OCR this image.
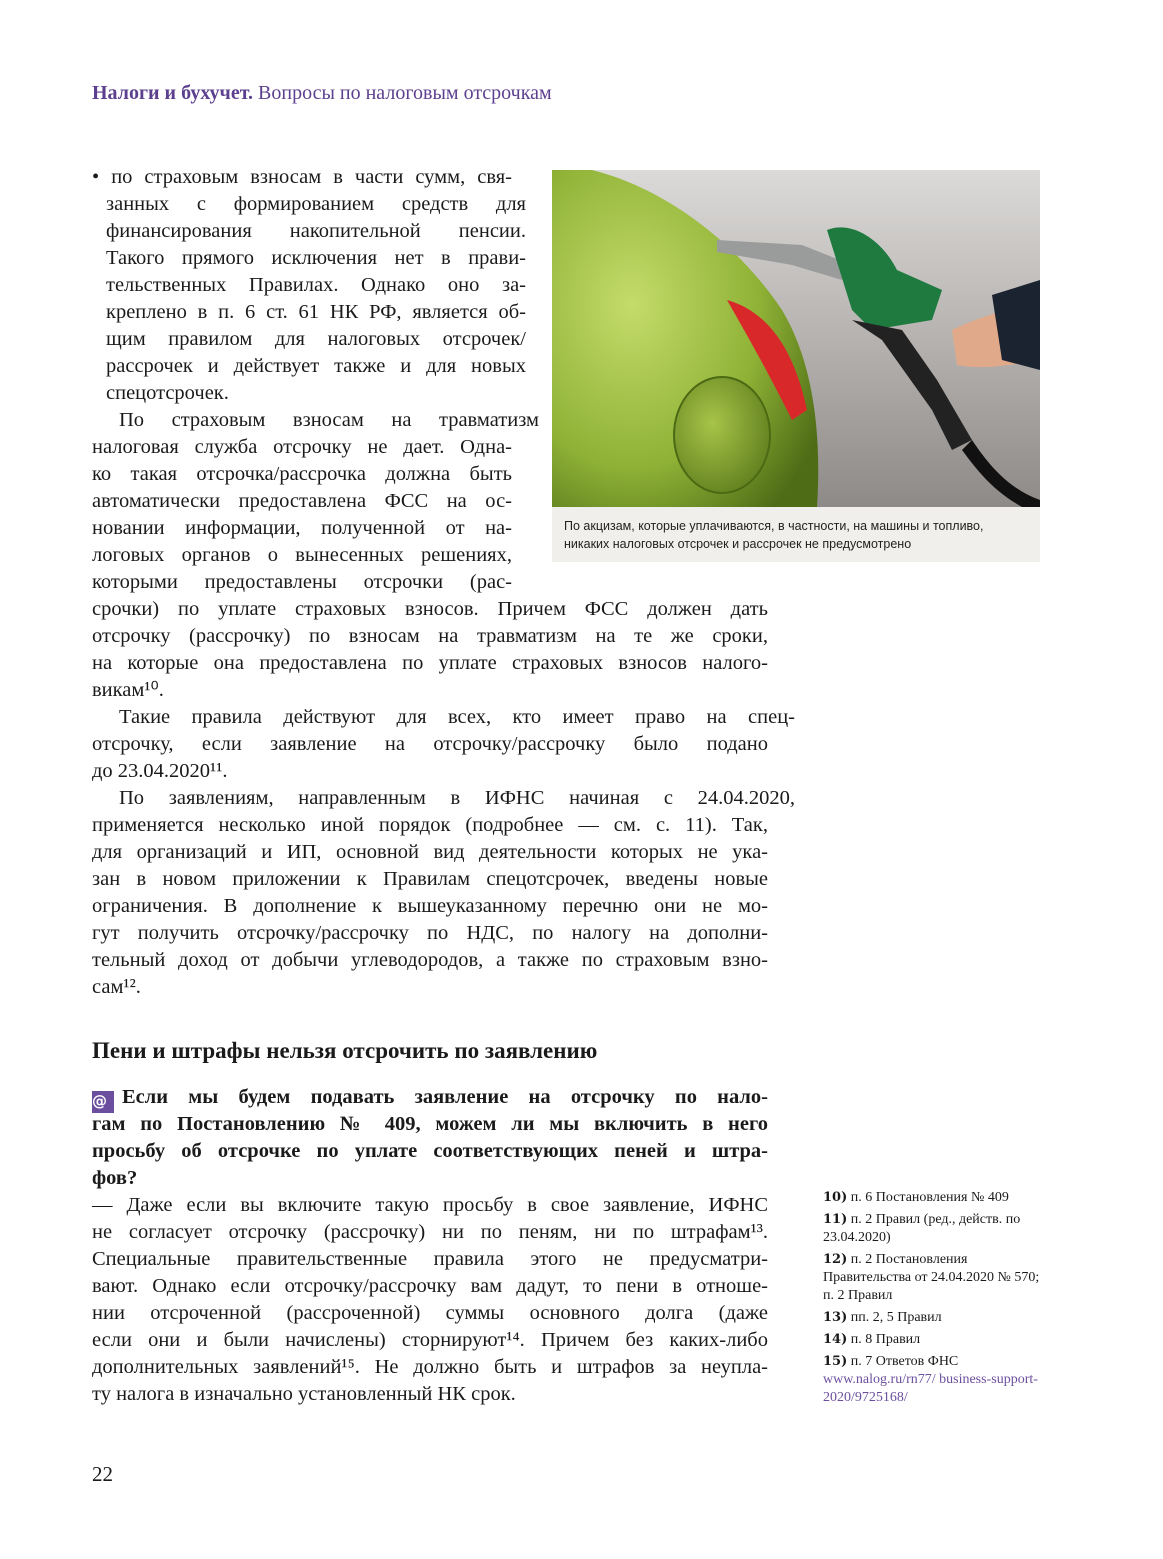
Налоги и бухучет. Вопросы по налоговым отсрочкам
• по страховым взносам в части сумм, свя-
занных с формированием средств для
финансирования накопительной пенсии.
Такого прямого исключения нет в прави-
тельственных Правилах. Однако оно за-
креплено в п. 6 ст. 61 НК РФ, является об-
щим правилом для налоговых отсрочек/
рассрочек и действует также и для новых
спецотсрочек.
По страховым взносам на травматизм
налоговая служба отсрочку не дает. Одна-
ко такая отсрочка/рассрочка должна быть
автоматически предоставлена ФСС на ос-
новании информации, полученной от на-
логовых органов о вынесенных решениях,
которыми предоставлены отсрочки (рас-
срочки) по уплате страховых взносов. Причем ФСС должен дать
отсрочку (рассрочку) по взносам на травматизм на те же сроки,
на которые она предоставлена по уплате страховых взносов налого-
викам¹⁰.
Такие правила действуют для всех, кто имеет право на спец-
отсрочку, если заявление на отсрочку/рассрочку было подано
до 23.04.2020¹¹.
По заявлениям, направленным в ИФНС начиная с 24.04.2020,
применяется несколько иной порядок (подробнее — см. с. 11). Так,
для организаций и ИП, основной вид деятельности которых не ука-
зан в новом приложении к Правилам спецотсрочек, введены новые
ограничения. В дополнение к вышеуказанному перечню они не мо-
гут получить отсрочку/рассрочку по НДС, по налогу на дополни-
тельный доход от добычи углеводородов, а также по страховым взно-
сам¹².
По акцизам, которые уплачиваются, в частности, на машины и топливо,
никаких налоговых отсрочек и рассрочек не предусмотрено
Пени и штрафы нельзя отсрочить по заявлению
@ Если мы будем подавать заявление на отсрочку по нало-
гам по Постановлению № 409, можем ли мы включить в него
просьбу об отсрочке по уплате соответствующих пеней и штра-
фов?
— Даже если вы включите такую просьбу в свое заявление, ИФНС
не согласует отсрочку (рассрочку) ни по пеням, ни по штрафам¹³.
Специальные правительственные правила этого не предусматри-
вают. Однако если отсрочку/рассрочку вам дадут, то пени в отноше-
нии отсроченной (рассроченной) суммы основного долга (даже
если они и были начислены) сторнируют¹⁴. Причем без каких-либо
дополнительных заявлений¹⁵. Не должно быть и штрафов за неупла-
ту налога в изначально установленный НК срок.
10) п. 6 Постановления № 409
11) п. 2 Правил (ред., действ. по 23.04.2020)
12) п. 2 Постановления Правительства от 24.04.2020 № 570; п. 2 Правил
13) пп. 2, 5 Правил
14) п. 8 Правил
15) п. 7 Ответов ФНС
www.nalog.ru/rn77/ business-support-2020/9725168/
22
